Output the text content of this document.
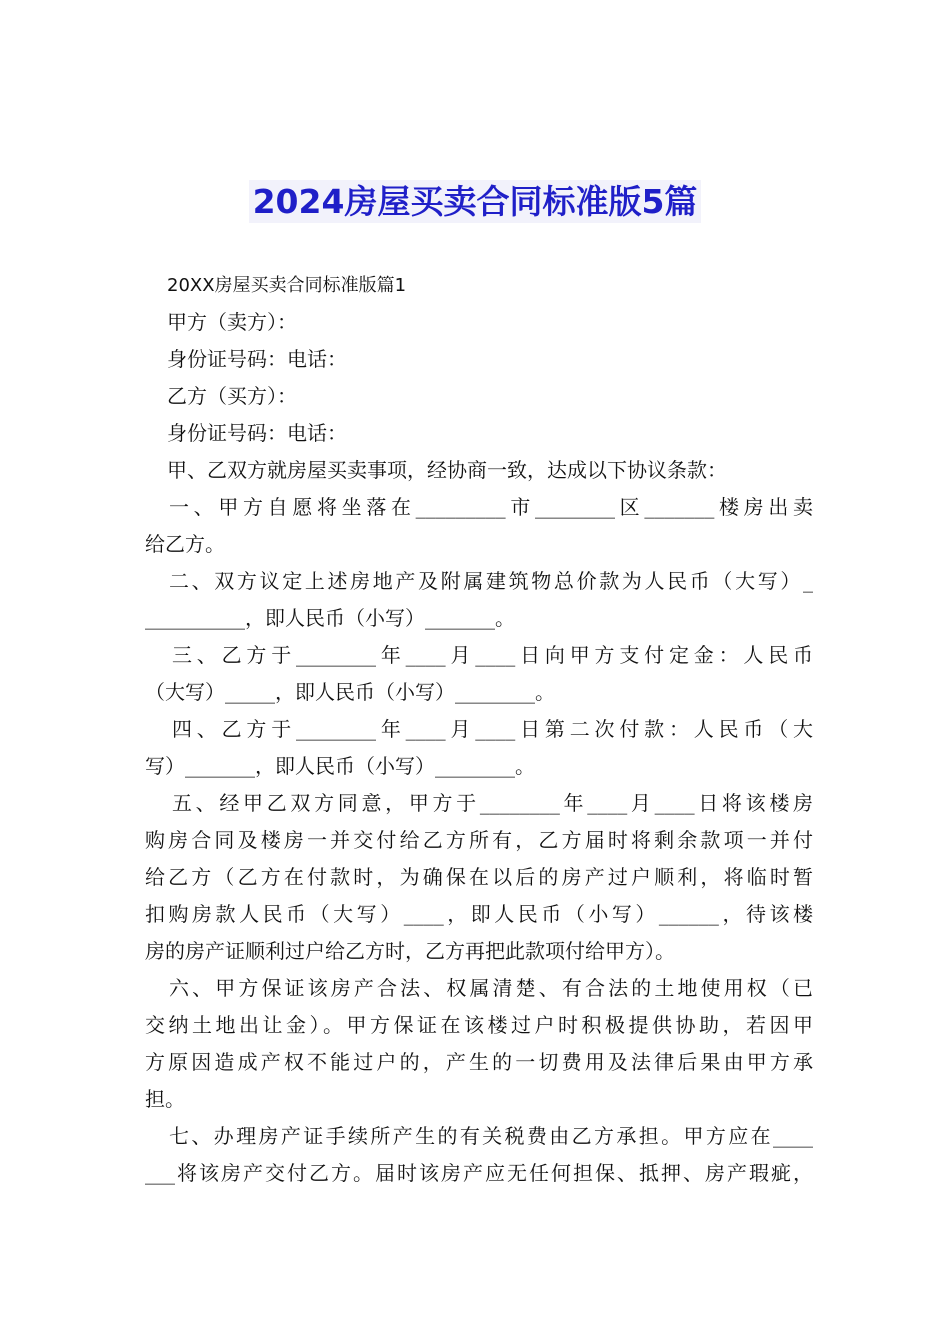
2024房屋买卖合同标准版5篇

20XX房屋买卖合同标准版篇1

甲方（卖方）：

身份证号码：电话：

乙方（买方）：

身份证号码：电话：

甲、乙双方就房屋买卖事项，经协商一致，达成以下协议条款：

一、甲方自愿将坐落在_________市________区_______楼房出卖

给乙方。

二、双方议定上述房地产及附属建筑物总价款为人民币（大写）_

__________，即人民币（小写）_______。

三、乙方于________年____月____日向甲方支付定金：人民币

（大写）_____，即人民币（小写）________。

四、乙方于________年____月____日第二次付款：人民币（大

写）_______，即人民币（小写）________。

五、经甲乙双方同意，甲方于________年____月____日将该楼房

购房合同及楼房一并交付给乙方所有，乙方届时将剩余款项一并付

给乙方（乙方在付款时，为确保在以后的房产过户顺利，将临时暂

扣购房款人民币（大写）____，即人民币（小写）______，待该楼

房的房产证顺利过户给乙方时，乙方再把此款项付给甲方）。

六、甲方保证该房产合法、权属清楚、有合法的土地使用权（已

交纳土地出让金）。甲方保证在该楼过户时积极提供协助，若因甲

方原因造成产权不能过户的，产生的一切费用及法律后果由甲方承

担。

七、办理房产证手续所产生的有关税费由乙方承担。甲方应在____

___将该房产交付乙方。届时该房产应无任何担保、抵押、房产瑕疵，
